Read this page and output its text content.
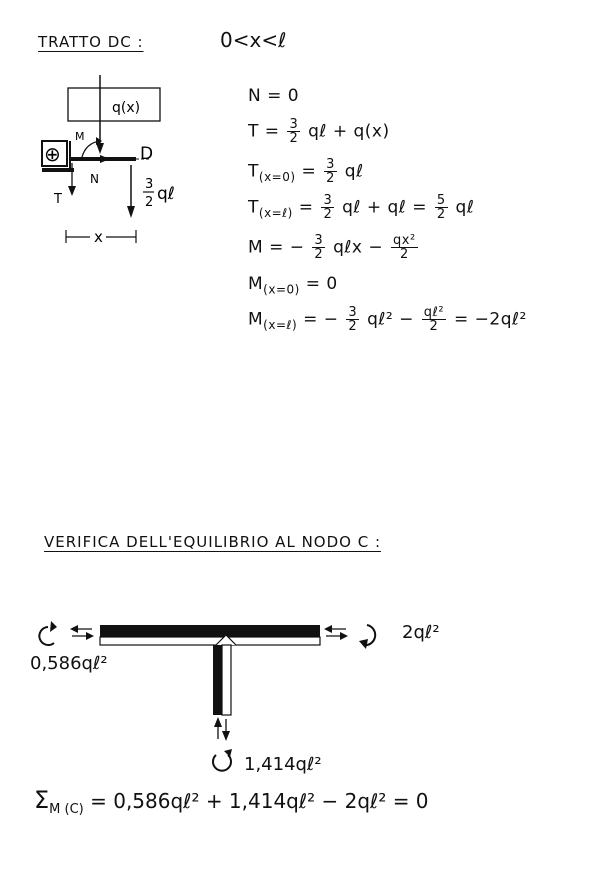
TRATTO DC :	0<x<ℓ
q(x)
M
⊕	D
T
N	3
2 qℓ
x
N = 0
$T = \frac{3}{2}$ qℓ + q(x)
$T_{(x=0)} = \frac{3}{2}$ qℓ
$T_{(x=\ell)} = \frac{3}{2}$ qℓ + qℓ = $\frac{5}{2}$ qℓ
M = − $\frac{3}{2}$ qℓx − $\frac{\text{qx²}}{2}$
$M_{(x=0)} = 0$
$M_{(x=\ell)}$ = − $\frac{3}{2}$ qℓ² − $\frac{\text{qℓ²}}{2}$ = −2qℓ²
VERIFICA DELL'EQUILIBRIO AL NODO C :
0,586qℓ²
2qℓ²
1,414qℓ²
$\Sigma_{M (C)}$ = 0,586qℓ² + 1,414qℓ² − 2qℓ² = 0
